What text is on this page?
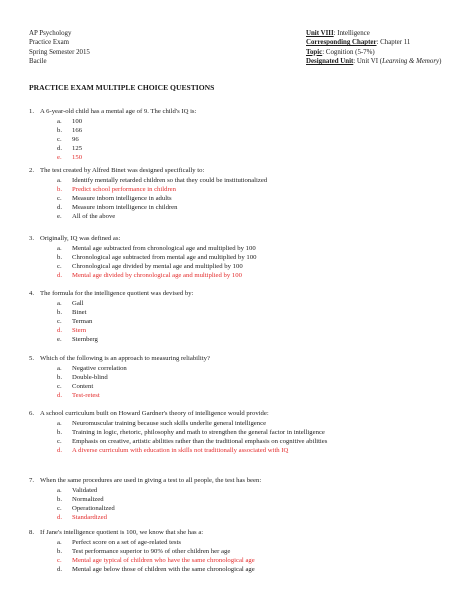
AP Psychology
Practice Exam
Spring Semester 2015
Bacile
Unit VIII: Intelligence
Corresponding Chapter: Chapter 11
Topic: Cognition (5-7%)
Designated Unit: Unit VI (Learning & Memory)
PRACTICE EXAM MULTIPLE CHOICE QUESTIONS
1. A 6-year-old child has a mental age of 9. The child's IQ is:
a. 100
b. 166
c. 96
d. 125
e. 150
2. The test created by Alfred Binet was designed specifically to:
a. Identify mentally retarded children so that they could be institutionalized
b. Predict school performance in children
c. Measure inborn intelligence in adults
d. Measure inborn intelligence in children
e. All of the above
3. Originally, IQ was defined as:
a. Mental age subtracted from chronological age and multiplied by 100
b. Chronological age subtracted from mental age and multiplied by 100
c. Chronological age divided by mental age and multiplied by 100
d. Mental age divided by chronological age and multiplied by 100
4. The formula for the intelligence quotient was devised by:
a. Gall
b. Binet
c. Terman
d. Stern
e. Sternberg
5. Which of the following is an approach to measuring reliability?
a. Negative correlation
b. Double-blind
c. Content
d. Test-retest
6. A school curriculum built on Howard Gardner's theory of intelligence would provide:
a. Neuromuscular training because such skills underlie general intelligence
b. Training in logic, rhetoric, philosophy and math to strengthen the general factor in intelligence
c. Emphasis on creative, artistic abilities rather than the traditional emphasis on cognitive abilities
d. A diverse curriculum with education in skills not traditionally associated with IQ
7. When the same procedures are used in giving a test to all people, the test has been:
a. Validated
b. Normalized
c. Operationalized
d. Standardized
8. If Jane's intelligence quotient is 100, we know that she has a:
a. Perfect score on a set of age-related tests
b. Test performance superior to 90% of other children her age
c. Mental age typical of children who have the same chronological age
d. Mental age below those of children with the same chronological age
